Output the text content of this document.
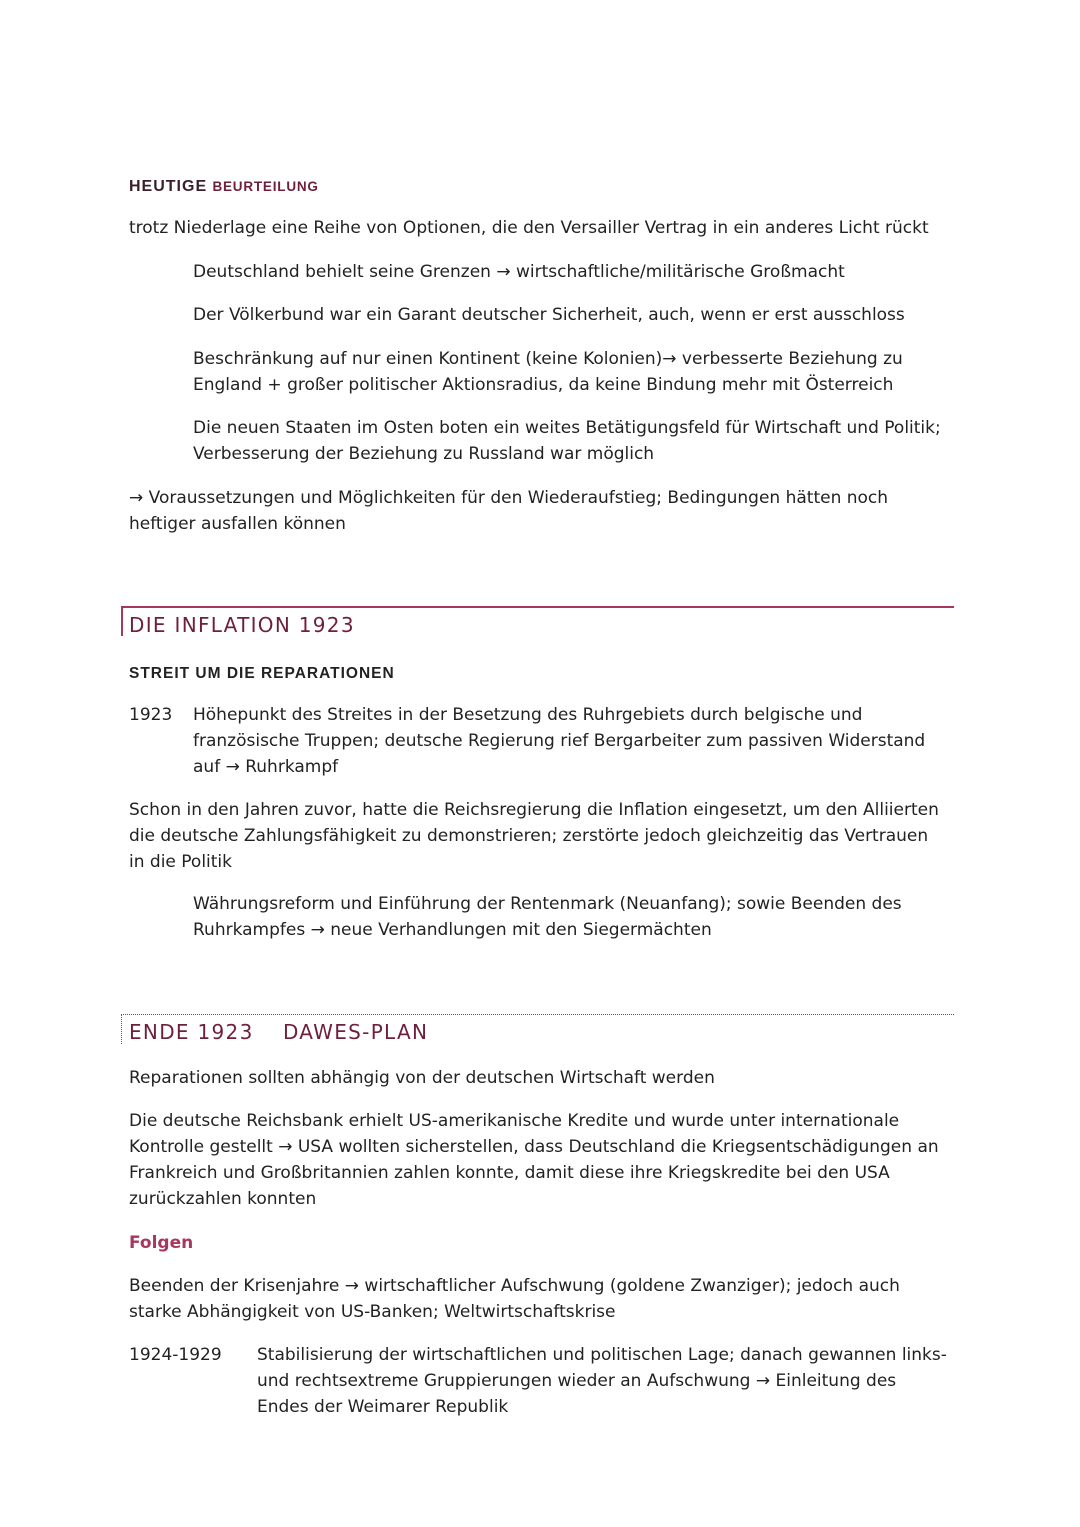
HEUTIGE BEURTEILUNG

trotz Niederlage eine Reihe von Optionen, die den Versailler Vertrag in ein anderes Licht rückt

Deutschland behielt seine Grenzen → wirtschaftliche/militärische Großmacht

Der Völkerbund war ein Garant deutscher Sicherheit, auch, wenn er erst ausschloss

Beschränkung auf nur einen Kontinent (keine Kolonien)→ verbesserte Beziehung zu England + großer politischer Aktionsradius, da keine Bindung mehr mit Österreich

Die neuen Staaten im Osten boten ein weites Betätigungsfeld für Wirtschaft und Politik; Verbesserung der Beziehung zu Russland war möglich

→ Voraussetzungen und Möglichkeiten für den Wiederaufstieg; Bedingungen hätten noch heftiger ausfallen können

DIE INFLATION 1923
STREIT UM DIE REPARATIONEN

1923 Höhepunkt des Streites in der Besetzung des Ruhrgebiets durch belgische und französische Truppen; deutsche Regierung rief Bergarbeiter zum passiven Widerstand auf → Ruhrkampf

Schon in den Jahren zuvor, hatte die Reichsregierung die Inflation eingesetzt, um den Alliierten die deutsche Zahlungsfähigkeit zu demonstrieren; zerstörte jedoch gleichzeitig das Vertrauen in die Politik

Währungsreform und Einführung der Rentenmark (Neuanfang); sowie Beenden des Ruhrkampfes → neue Verhandlungen mit den Siegermächten

ENDE 1923 DAWES-PLAN

Reparationen sollten abhängig von der deutschen Wirtschaft werden

Die deutsche Reichsbank erhielt US-amerikanische Kredite und wurde unter internationale Kontrolle gestellt → USA wollten sicherstellen, dass Deutschland die Kriegsentschädigungen an Frankreich und Großbritannien zahlen konnte, damit diese ihre Kriegskredite bei den USA zurückzahlen konnten

Folgen

Beenden der Krisenjahre → wirtschaftlicher Aufschwung (goldene Zwanziger); jedoch auch starke Abhängigkeit von US-Banken; Weltwirtschaftskrise

1924-1929 Stabilisierung der wirtschaftlichen und politischen Lage; danach gewannen links- und rechtsextreme Gruppierungen wieder an Aufschwung → Einleitung des Endes der Weimarer Republik
